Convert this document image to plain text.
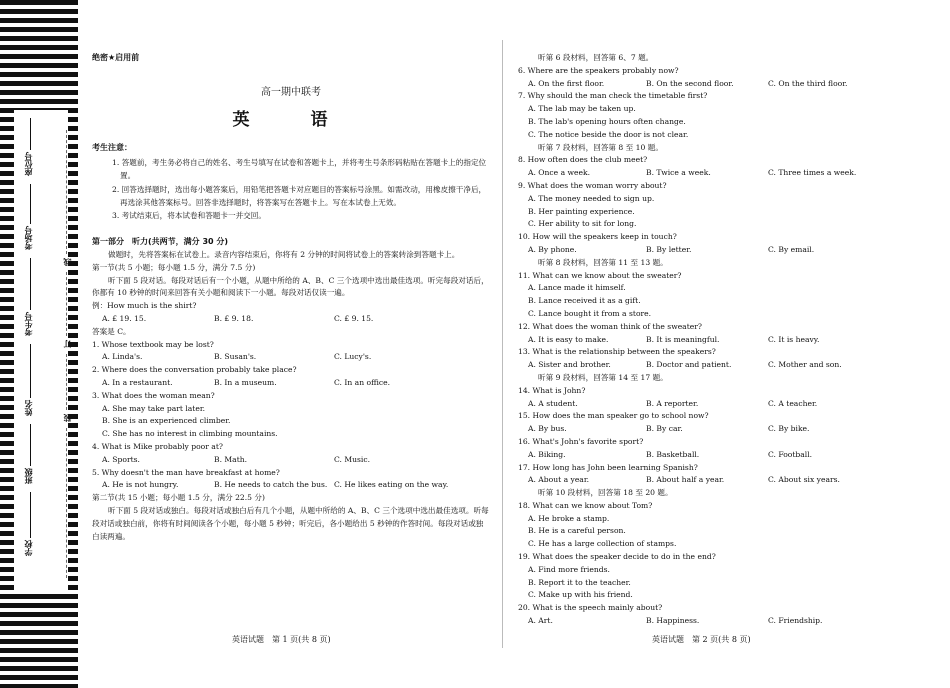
座位号
考场号
考生号
姓名
班级
学校
线
订
装
绝密★启用前
高一期中联考
英　语
考生注意：
1. 答题前，考生务必将自己的姓名、考生号填写在试卷和答题卡上，并将考生号条形码粘贴在答题卡上的指定位置。
2. 回答选择题时，选出每小题答案后，用铅笔把答题卡对应题目的答案标号涂黑。如需改动，用橡皮擦干净后，再选涂其他答案标号。回答非选择题时，将答案写在答题卡上。写在本试卷上无效。
3. 考试结束后，将本试卷和答题卡一并交回。
第一部分　听力(共两节，满分 30 分)
做题时，先将答案标在试卷上。录音内容结束后，你将有 2 分钟的时间将试卷上的答案转涂到答题卡上。
第一节(共 5 小题；每小题 1.5 分，满分 7.5 分)
听下面 5 段对话。每段对话后有一个小题，从题中所给的 A、B、C 三个选项中选出最佳选项。听完每段对话后，你都有 10 秒钟的时间来回答有关小题和阅读下一小题。每段对话仅读一遍。
例：How much is the shirt?
A. £ 19. 15.	B. £ 9. 18.	C. £ 9. 15.
答案是 C。
1. Whose textbook may be lost?
A. Linda's.	B. Susan's.	C. Lucy's.
2. Where does the conversation probably take place?
A. In a restaurant.	B. In a museum.	C. In an office.
3. What does the woman mean?
A. She may take part later.
B. She is an experienced climber.
C. She has no interest in climbing mountains.
4. What is Mike probably poor at?
A. Sports.	B. Math.	C. Music.
5. Why doesn't the man have breakfast at home?
A. He is not hungry.	B. He needs to catch the bus. C. He likes eating on the way.
第二节(共 15 小题；每小题 1.5 分，满分 22.5 分)
听下面 5 段对话或独白。每段对话或独白后有几个小题，从题中所给的 A、B、C 三个选项中选出最佳选项。听每段对话或独白前，你将有时间阅读各个小题，每小题 5 秒钟；听完后，各小题给出 5 秒钟的作答时间。每段对话或独白读两遍。
听第 6 段材料，回答第 6、7 题。
6. Where are the speakers probably now?
A. On the first floor.	B. On the second floor.	C. On the third floor.
7. Why should the man check the timetable first?
A. The lab may be taken up.
B. The lab's opening hours often change.
C. The notice beside the door is not clear.
听第 7 段材料，回答第 8 至 10 题。
8. How often does the club meet?
A. Once a week.	B. Twice a week.	C. Three times a week.
9. What does the woman worry about?
A. The money needed to sign up.
B. Her painting experience.
C. Her ability to sit for long.
10. How will the speakers keep in touch?
A. By phone.	B. By letter.	C. By email.
听第 8 段材料，回答第 11 至 13 题。
11. What can we know about the sweater?
A. Lance made it himself.
B. Lance received it as a gift.
C. Lance bought it from a store.
12. What does the woman think of the sweater?
A. It is easy to make.	B. It is meaningful.	C. It is heavy.
13. What is the relationship between the speakers?
A. Sister and brother.	B. Doctor and patient.	C. Mother and son.
听第 9 段材料，回答第 14 至 17 题。
14. What is John?
A. A student.	B. A reporter.	C. A teacher.
15. How does the man speaker go to school now?
A. By bus.	B. By car.	C. By bike.
16. What's John's favorite sport?
A. Biking.	B. Basketball.	C. Football.
17. How long has John been learning Spanish?
A. About a year.	B. About half a year.	C. About six years.
听第 10 段材料，回答第 18 至 20 题。
18. What can we know about Tom?
A. He broke a stamp.
B. He is a careful person.
C. He has a large collection of stamps.
19. What does the speaker decide to do in the end?
A. Find more friends.
B. Report it to the teacher.
C. Make up with his friend.
20. What is the speech mainly about?
A. Art.	B. Happiness.	C. Friendship.
英语试题　第 1 页(共 8 页)	英语试题　第 2 页(共 8 页)
